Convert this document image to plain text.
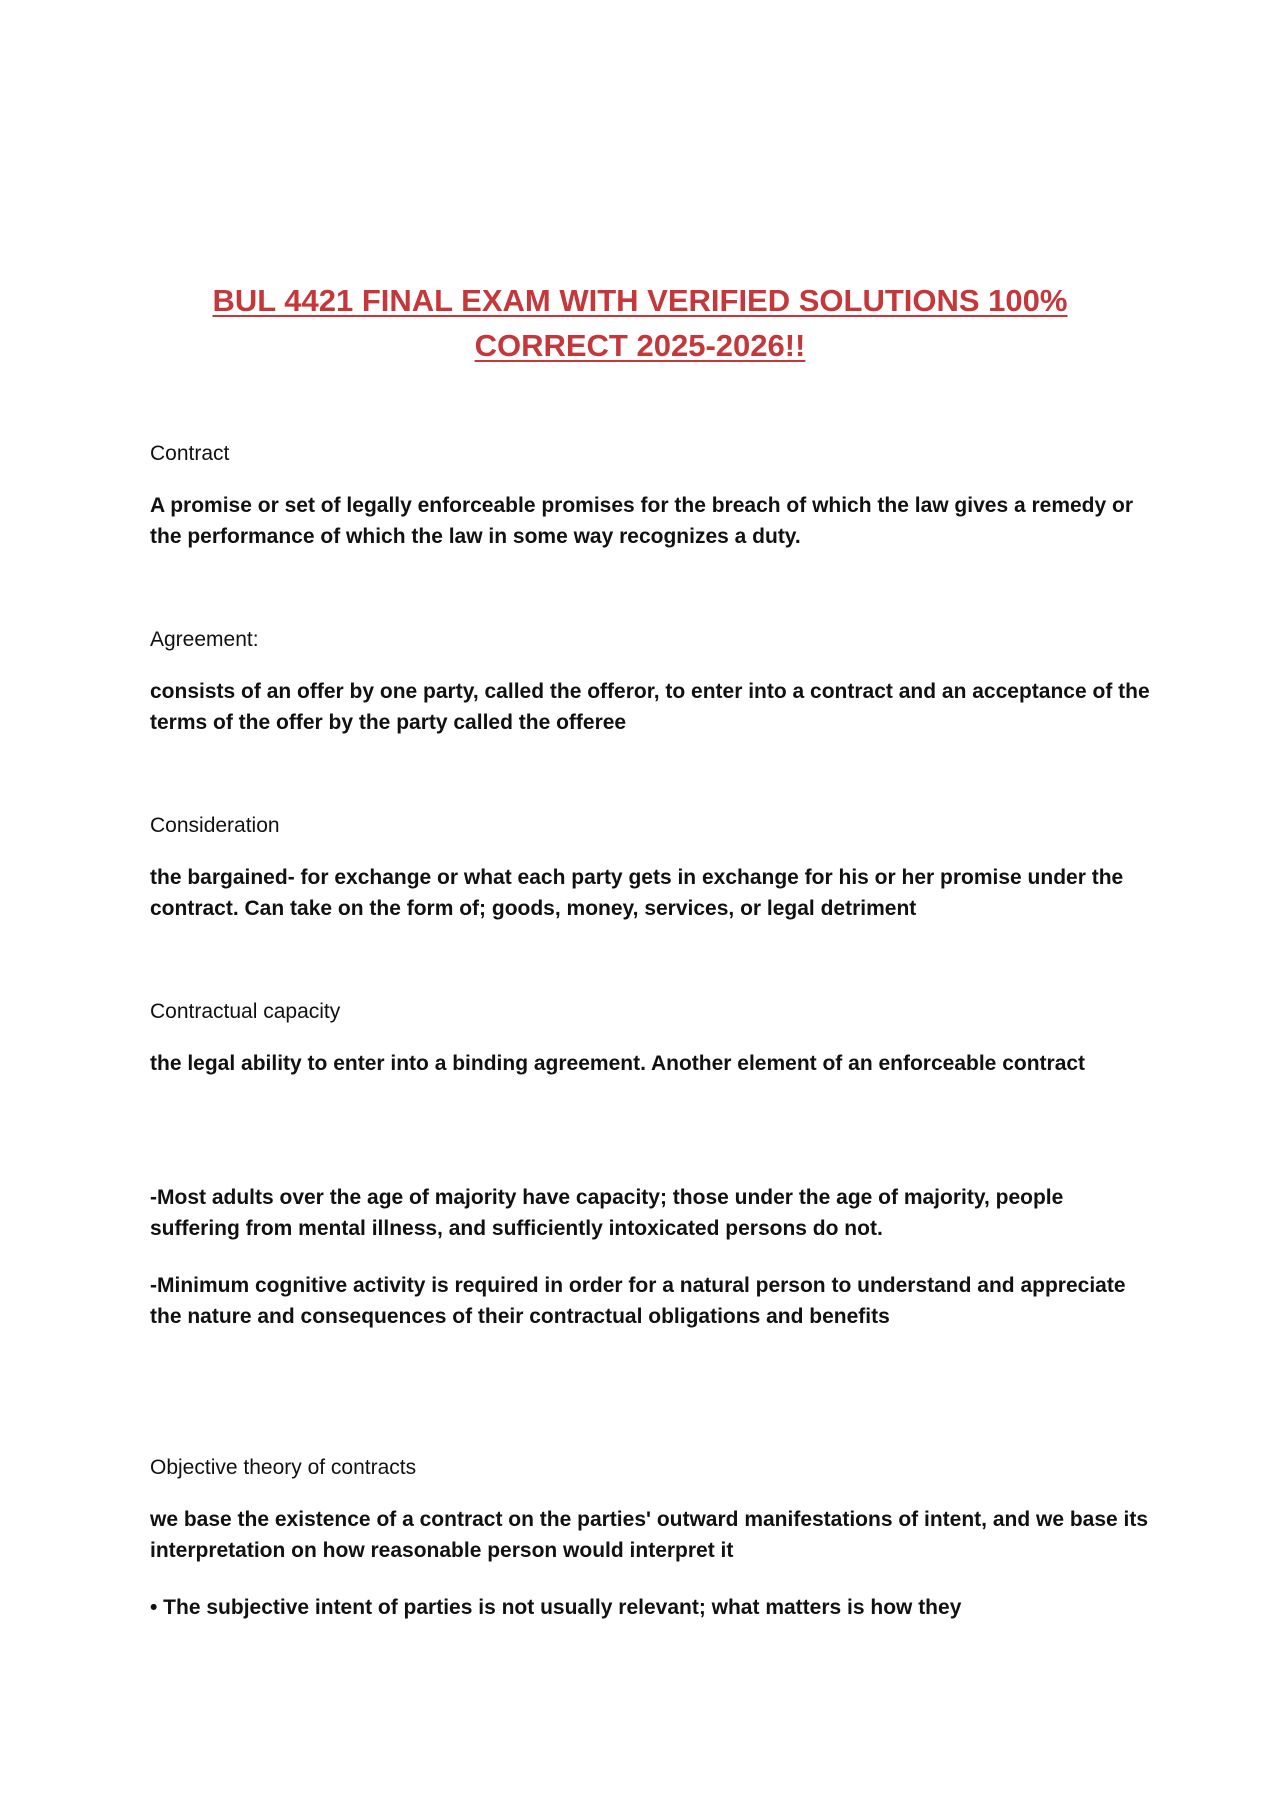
BUL 4421 FINAL EXAM WITH VERIFIED SOLUTIONS 100%
CORRECT 2025-2026!!

Contract

A promise or set of legally enforceable promises for the breach of which the law gives a remedy or the performance of which the law in some way recognizes a duty.

Agreement:

consists of an offer by one party, called the offeror, to enter into a contract and an acceptance of the terms of the offer by the party called the offeree

Consideration

the bargained- for exchange or what each party gets in exchange for his or her promise under the contract. Can take on the form of; goods, money, services, or legal detriment

Contractual capacity

the legal ability to enter into a binding agreement. Another element of an enforceable contract

-Most adults over the age of majority have capacity; those under the age of majority, people suffering from mental illness, and sufficiently intoxicated persons do not.

-Minimum cognitive activity is required in order for a natural person to understand and appreciate the nature and consequences of their contractual obligations and benefits

Objective theory of contracts

we base the existence of a contract on the parties' outward manifestations of intent, and we base its interpretation on how reasonable person would interpret it

• The subjective intent of parties is not usually relevant; what matters is how they
